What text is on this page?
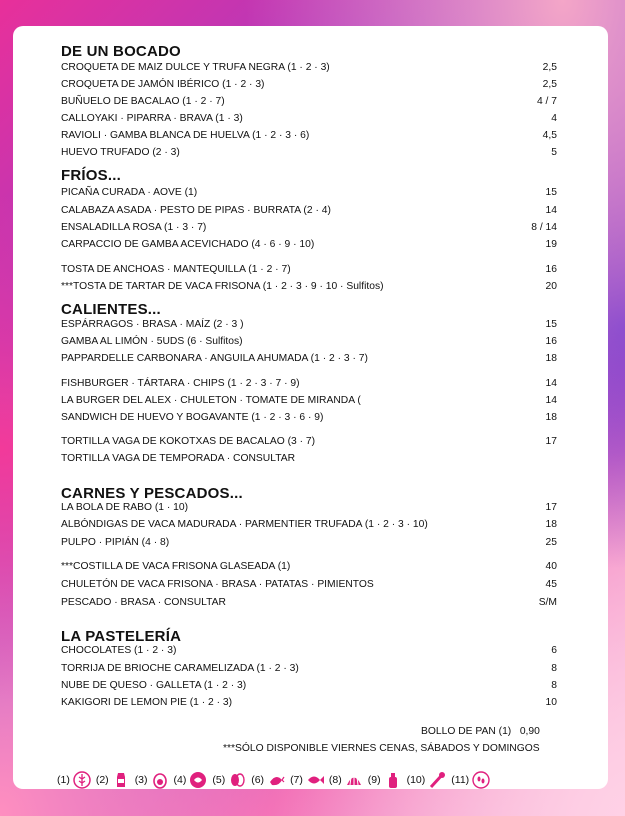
DE UN BOCADO
CROQUETA DE MAIZ DULCE Y TRUFA NEGRA (1 · 2 · 3)	2,5
CROQUETA DE JAMÓN IBÉRICO (1 · 2 · 3)	2,5
BUÑUELO DE BACALAO (1 · 2 · 7)	4 / 7
CALLOYAKI · PIPARRA · BRAVA (1 · 3)	4
RAVIOLI · GAMBA BLANCA DE HUELVA (1 · 2 · 3 · 6)	4,5
HUEVO TRUFADO (2 · 3)	5
FRÍOS...
PICAÑA CURADA · AOVE (1)	15
CALABAZA ASADA · PESTO DE PIPAS · BURRATA (2 · 4)	14
ENSALADILLA ROSA (1 · 3 · 7)	8 / 14
CARPACCIO DE GAMBA ACEVICHADO (4 · 6 · 9 · 10)	19
TOSTA DE ANCHOAS · MANTEQUILLA (1 · 2 · 7)	16
***TOSTA DE TARTAR DE VACA FRISONA (1 · 2 · 3 · 9 · 10 · Sulfitos)	20
CALIENTES...
ESPÁRRAGOS · BRASA · MAÍZ (2 · 3 )	15
GAMBA AL LIMÓN · 5UDS (6 · Sulfitos)	16
PAPPARDELLE CARBONARA · ANGUILA AHUMADA (1 · 2 · 3 · 7)	18
FISHBURGER · TÁRTARA · CHIPS (1 · 2 · 3 · 7 · 9)	14
LA BURGER DEL ALEX · CHULETON · TOMATE DE MIRANDA (	14
SANDWICH DE HUEVO Y BOGAVANTE (1 · 2 · 3 · 6 · 9)	18
TORTILLA VAGA DE KOKOTXAS DE BACALAO (3 · 7)	17
TORTILLA VAGA DE TEMPORADA · CONSULTAR
CARNES Y PESCADOS...
LA BOLA DE RABO (1 · 10)	17
ALBÓNDIGAS DE VACA MADURADA · PARMENTIER TRUFADA (1 · 2 · 3 · 10)	18
PULPO · PIPIÁN (4 · 8)	25
***COSTILLA DE VACA FRISONA GLASEADA (1)	40
CHULETÓN DE VACA FRISONA · BRASA · PATATAS · PIMIENTOS	45
PESCADO · BRASA · CONSULTAR	S/M
LA PASTELERÍA
CHOCOLATES (1 · 2 · 3)	6
TORRIJA DE BRIOCHE CARAMELIZADA (1 · 2 · 3)	8
NUBE DE QUESO · GALLETA (1 · 2 · 3)	8
KAKIGORI DE LEMON PIE (1 · 2 · 3)	10
BOLLO DE PAN (1) 0,90
***SÓLO DISPONIBLE VIERNES CENAS, SÁBADOS Y DOMINGOS
(1) (2) (3) (4) (5) (6) (7) (8) (9) (10) (11)
